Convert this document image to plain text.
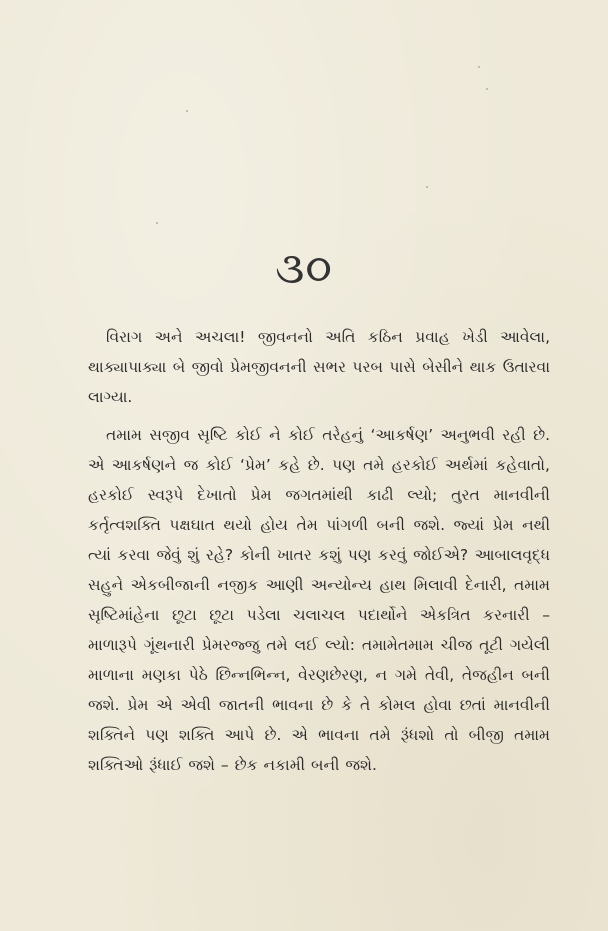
૩૦
વિરાગ અને અચલા! જીવનનો અતિ કઠિન પ્રવાહ ખેડી આવેલા, થાક્યાપાક્યા બે જીવો પ્રેમજીવનની સભર પરબ પાસે બેસીને થાક ઉતારવા લાગ્યા.
તમામ સજીવ સૃષ્ટિ કોઈ ને કોઈ તરેહનું ‘આકર્ષણ’ અનુભવી રહી છે. એ આકર્ષણને જ કોઈ ‘પ્રેમ’ કહે છે. પણ તમે હરકોઈ અર્થમાં કહેવાતો, હરકોઈ સ્વરૂપે દેખાતો પ્રેમ જગતમાંથી કાઢી લ્યો; તુરત માનવીની કર્તૃત્વશક્તિ પક્ષઘાત થયો હોય તેમ પાંગળી બની જશે. જ્યાં પ્રેમ નથી ત્યાં કરવા જેવું શું રહે? કોની ખાતર કશું પણ કરવું જોઈએ? આબાલવૃદ્ધ સહુને એકબીજાની નજીક આણી અન્યોન્ય હાથ મિલાવી દેનારી, તમામ સૃષ્ટિમાંહેના છૂટા છૂટા પડેલા ચલાચલ પદાર્થોને એકત્રિત કરનારી – માળારૂપે ગૂંથનારી પ્રેમરજ્જુ તમે લઈ લ્યો: તમામેતમામ ચીજ તૂટી ગયેલી માળાના મણકા પેઠે છિન્નભિન્ન, વેરણછેરણ, ન ગમે તેવી, તેજહીન બની જશે. પ્રેમ એ એવી જાતની ભાવના છે કે તે કોમલ હોવા છતાં માનવીની શક્તિને પણ શક્તિ આપે છે. એ ભાવના તમે રૂંધશો તો બીજી તમામ શક્તિઓ રૂંધાઈ જશે – છેક નકામી બની જશે.
